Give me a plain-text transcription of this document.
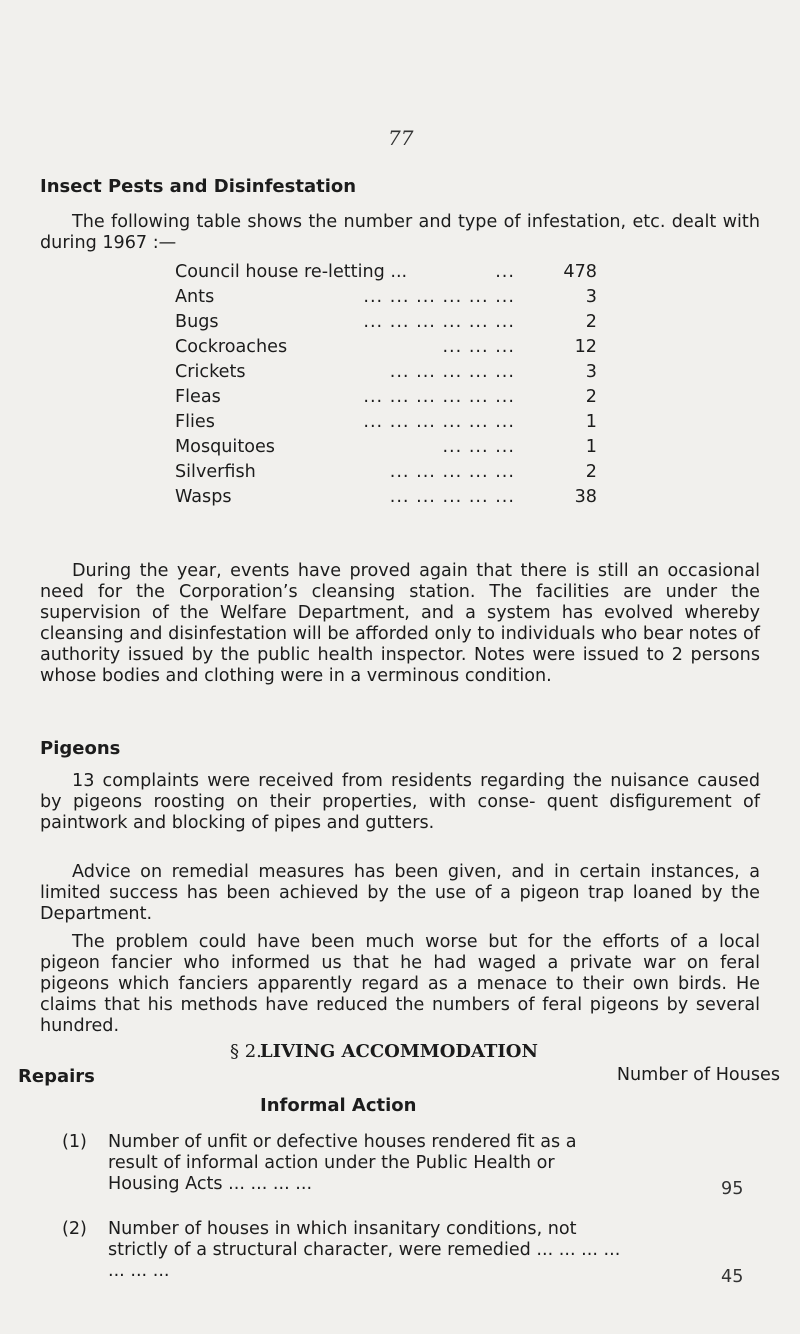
77
Insect Pests and Disinfestation

The following table shows the number and type of infestation, etc. dealt with during 1967 :—

Council house re-letting ...	...	478
Ants	... ... ... ... ... ...	3
Bugs	... ... ... ... ... ...	2
Cockroaches	... ... ...	12
Crickets	... ... ... ... ...	3
Fleas	... ... ... ... ... ...	2
Flies	... ... ... ... ... ...	1
Mosquitoes	... ... ...	1
Silverfish	... ... ... ... ...	2
Wasps	... ... ... ... ...	38

During the year, events have proved again that there is still an occasional need for the Corporation’s cleansing station. The facilities are under the supervision of the Welfare Department, and a system has evolved whereby cleansing and disinfestation will be afforded only to individuals who bear notes of authority issued by the public health inspector. Notes were issued to 2 persons whose bodies and clothing were in a verminous condition.

Pigeons

13 complaints were received from residents regarding the nuisance caused by pigeons roosting on their properties, with conse- quent disfigurement of paintwork and blocking of pipes and gutters.

Advice on remedial measures has been given, and in certain instances, a limited success has been achieved by the use of a pigeon trap loaned by the Department.

The problem could have been much worse but for the efforts of a local pigeon fancier who informed us that he had waged a private war on feral pigeons which fanciers apparently regard as a menace to their own birds. He claims that his methods have reduced the numbers of feral pigeons by several hundred.

§ 2.
LIVING ACCOMMODATION
Repairs
Informal Action
Number of Houses
(1) Number of unfit or defective houses rendered fit as a result of informal action under the Public Health or Housing Acts ... ... ... ...	95
(2) Number of houses in which insanitary conditions, not strictly of a structural character, were remedied ... ... ... ... ... ... ...	45
